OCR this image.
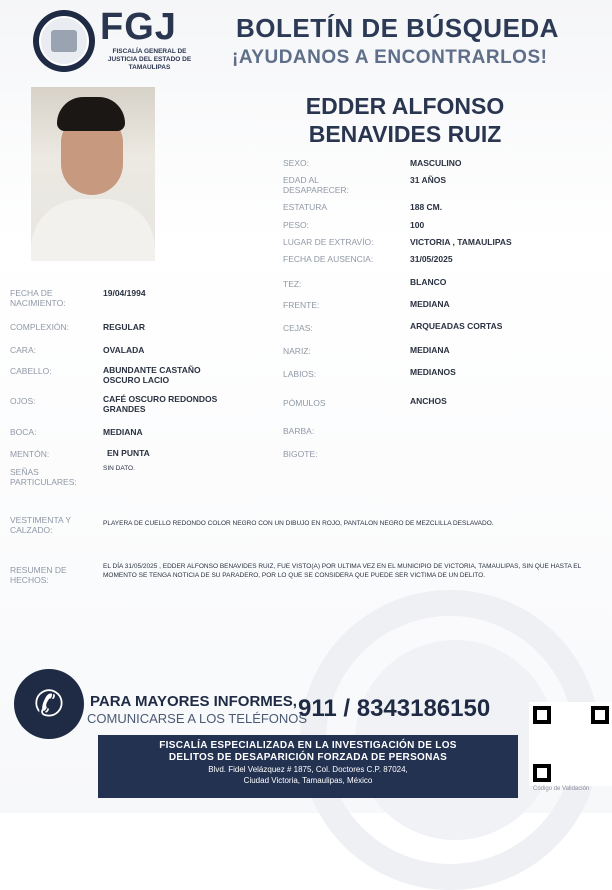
FGJ
FISCALÍA GENERAL DE JUSTICIA DEL ESTADO DE TAMAULIPAS
BOLETÍN DE BÚSQUEDA
¡AYUDANOS A ENCONTRARLOS!
EDDER ALFONSO
BENAVIDES RUIZ
SEXO:	MASCULINO
EDAD AL DESAPARECER:
31 AÑOS
ESTATURA	188 CM.
PESO:	100
LUGAR DE EXTRAVÍO:	VICTORIA , TAMAULIPAS
FECHA DE AUSENCIA:	31/05/2025
TEZ:	BLANCO
FRENTE:	MEDIANA
CEJAS:	ARQUEADAS CORTAS
NARIZ:	MEDIANA
LABIOS:	MEDIANOS
PÓMULOS	ANCHOS
BARBA:
BIGOTE:
FECHA DE NACIMIENTO:
19/04/1994
COMPLEXIÓN:	REGULAR
CARA:	OVALADA
CABELLO:	ABUNDANTE CASTAÑO OSCURO LACIO
OJOS:	CAFÉ OSCURO REDONDOS GRANDES
BOCA:	MEDIANA
MENTÓN:	EN PUNTA
SEÑAS PARTICULARES:
SIN DATO.
VESTIMENTA Y CALZADO:
PLAYERA DE CUELLO REDONDO COLOR NEGRO CON UN DIBUJO EN ROJO, PANTALON NEGRO DE MEZCLILLA DESLAVADO.
RESUMEN DE HECHOS:
EL DÍA 31/05/2025 , EDDER ALFONSO BENAVIDES RUIZ, FUE VISTO(A) POR ULTIMA VEZ EN EL MUNICIPIO DE VICTORIA, TAMAULIPAS, SIN QUE HASTA EL MOMENTO SE TENGA NOTICIA DE SU PARADERO, POR LO QUE SE CONSIDERA QUE PUEDE SER VICTIMA DE UN DELITO.
✆	PARA MAYORES INFORMES,
COMUNICARSE A LOS TELÉFONOS
911 / 8343186150
FISCALÍA ESPECIALIZADA EN LA INVESTIGACIÓN DE LOS
DELITOS DE DESAPARICIÓN FORZADA DE PERSONAS
Blvd. Fidel Velázquez # 1875, Col. Doctores C.P. 87024,
Ciudad Victoria, Tamaulipas, México
Código de Validación
